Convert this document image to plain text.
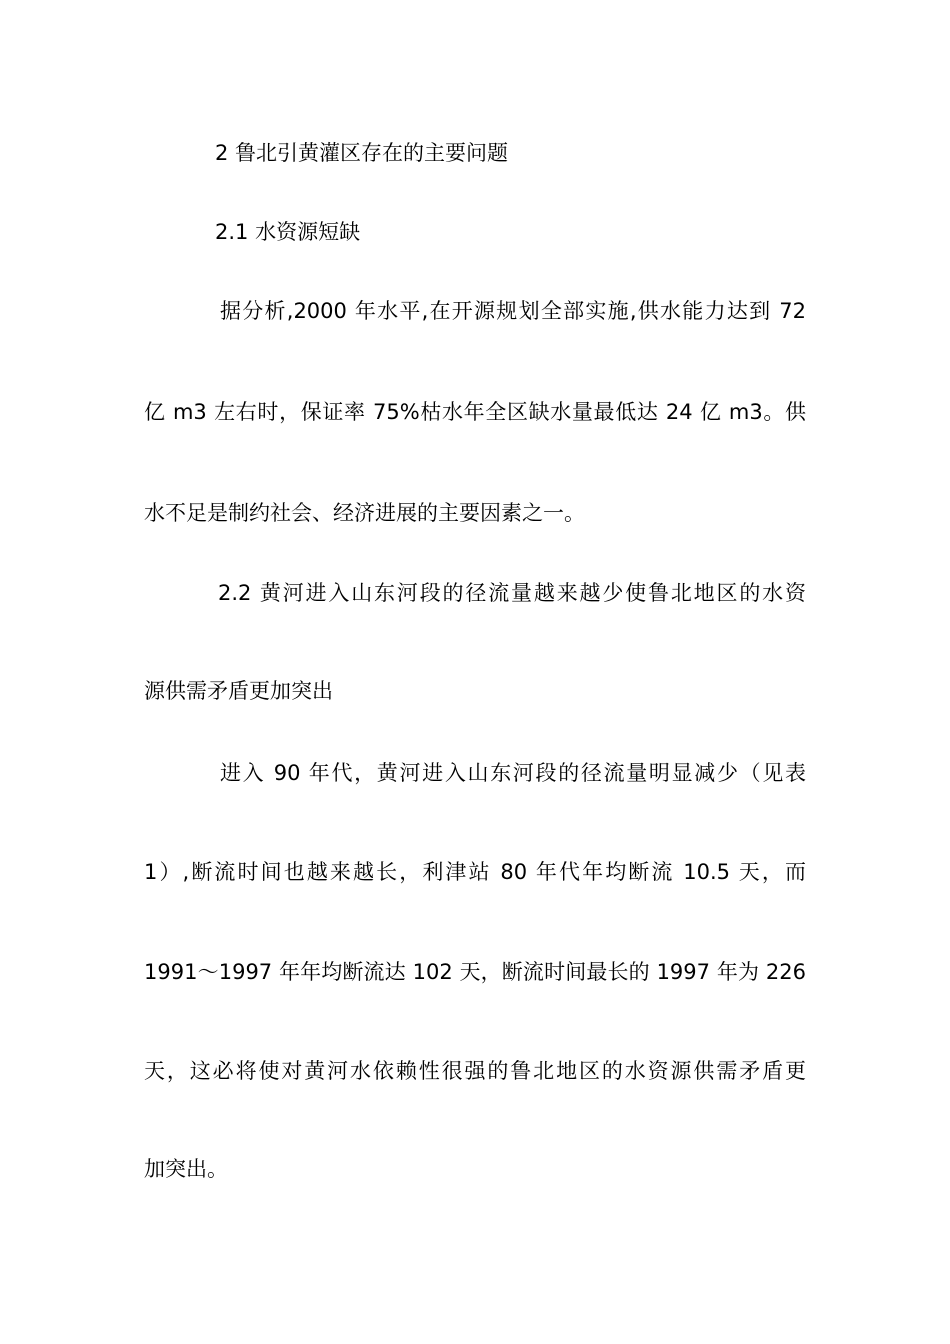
2 鲁北引黄灌区存在的主要问题
2.1 水资源短缺
据分析,2000 年水平,在开源规划全部实施,供水能力达到 72
亿 m3 左右时，保证率 75%枯水年全区缺水量最低达 24 亿 m3。供
水不足是制约社会、经济进展的主要因素之一。
2.2 黄河进入山东河段的径流量越来越少使鲁北地区的水资
源供需矛盾更加突出
进入 90 年代，黄河进入山东河段的径流量明显减少（见表
1）,断流时间也越来越长，利津站 80 年代年均断流 10.5 天，而
1991～1997 年年均断流达 102 天，断流时间最长的 1997 年为 226
天，这必将使对黄河水依赖性很强的鲁北地区的水资源供需矛盾更
加突出。
